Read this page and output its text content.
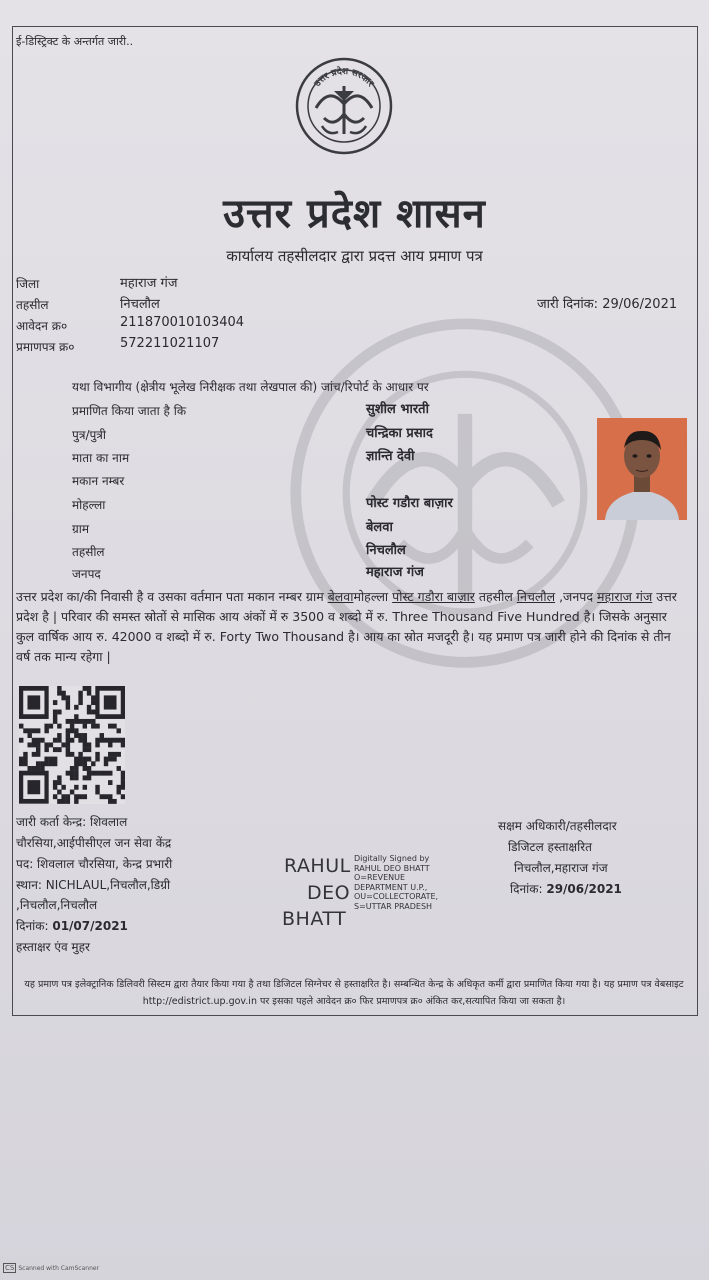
ई-डिस्ट्रिक्ट के अन्तर्गत जारी..
उत्तर प्रदेश सरकार
उत्तर प्रदेश शासन
कार्यालय तहसीलदार द्वारा प्रदत्त आय प्रमाण पत्र
जिला	महाराज गंज
तहसील	निचलौल
आवेदन क्र०	211870010103404
प्रमाणपत्र क्र०	572211021107
जारी दिनांक: 29/06/2021
यथा विभागीय (क्षेत्रीय भूलेख निरीक्षक तथा लेखपाल की) जांच/रिपोर्ट के आधार पर
प्रमाणित किया जाता है कि	सुशील भारती
पुत्र/पुत्री	चन्द्रिका प्रसाद
माता का नाम	ज्ञान्ति देवी
मकान नम्बर
मोहल्ला	पोस्ट गडौरा बाज़ार
ग्राम	बेलवा
तहसील	निचलौल
जनपद	महाराज गंज
उत्तर प्रदेश का/की निवासी है व उसका वर्तमान पता मकान नम्बर ग्राम बेलवामोहल्ला पोस्ट गडौरा बाज़ार तहसील निचलौल ,जनपद महाराज गंज उत्तर प्रदेश है | परिवार की समस्त स्रोतों से मासिक आय अंकों में रु 3500 व शब्दो में रु. Three Thousand Five Hundred है। जिसके अनुसार कुल वार्षिक आय रु. 42000 व शब्दो में रु. Forty Two Thousand है। आय का स्रोत मजदूरी है। यह प्रमाण पत्र जारी होने की दिनांक से तीन वर्ष तक मान्य रहेगा |
जारी कर्ता केन्द्र: शिवलाल
चौरसिया,आईपीसीएल जन सेवा केंद्र
पद: शिवलाल चौरसिया, केन्द्र प्रभारी
स्थान: NICHLAUL,निचलौल,डिग्री
,निचलौल,निचलौल
दिनांक: 01/07/2021
हस्ताक्षर एंव मुहर
RAHUL
DEO
BHATT
Digitally Signed by
RAHUL DEO BHATT
O=REVENUE
DEPARTMENT U.P.,
OU=COLLECTORATE,
S=UTTAR PRADESH
सक्षम अधिकारी/तहसीलदार
डिजिटल हस्ताक्षरित
निचलौल,महाराज गंज
दिनांक: 29/06/2021
यह प्रमाण पत्र इलेक्ट्रानिक डिलिवरी सिस्टम द्वारा तैयार किया गया है तथा डिजिटल सिग्नेचर से हस्ताक्षरित है। सम्बन्धित केन्द्र के अधिकृत कर्मी द्वारा प्रमाणित किया गया है। यह प्रमाण पत्र वेबसाइट http://edistrict.up.gov.in पर इसका पहले आवेदन क्र० फिर प्रमाणपत्र क्र० अंकित कर,सत्यापित किया जा सकता है।
CS Scanned with CamScanner
